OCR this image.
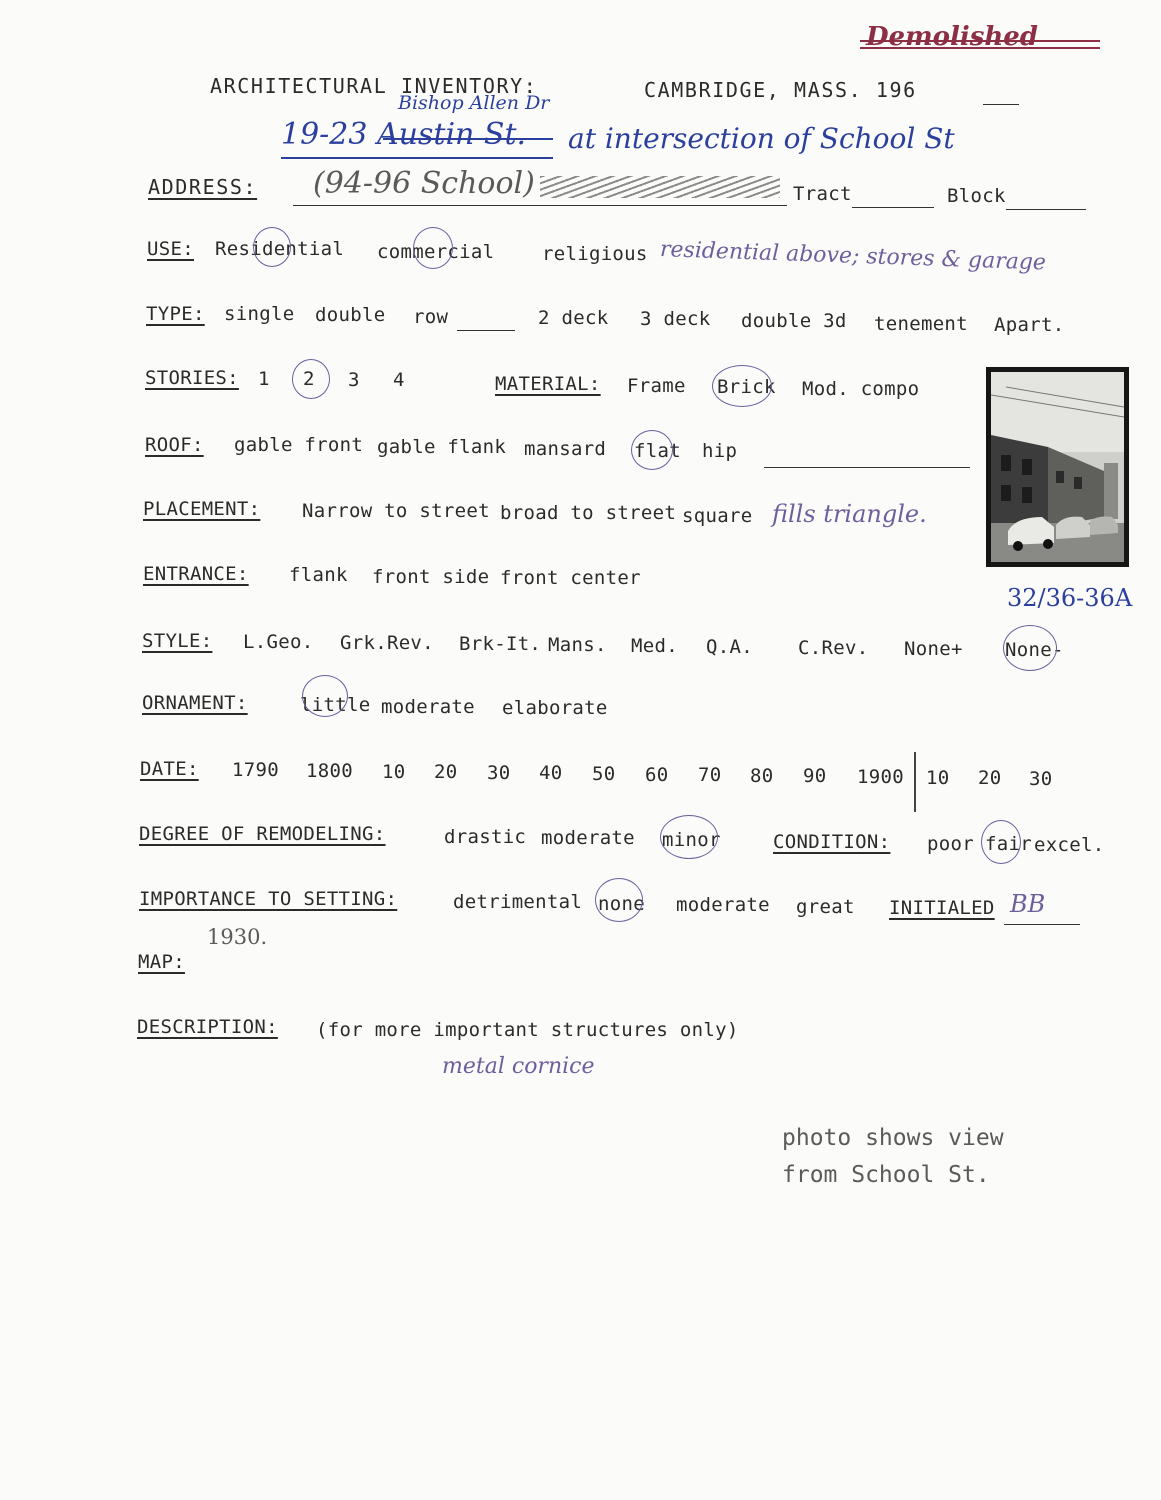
Demolished
ARCHITECTURAL INVENTORY:	CAMBRIDGE, MASS. 196
Bishop Allen Dr
19-23 Austin St. at intersection of School St
ADDRESS: (94-96 School)	Tract	Block
USE: Residential commercial	religious residential above; stores & garage
TYPE: single double row	2 deck 3 deck double 3d tenement Apart.
STORIES: 1 2 3 4	MATERIAL: Frame Brick Mod. compo
ROOF: gable front gable flank mansard flat hip
PLACEMENT: Narrow to street broad to street square fills triangle.
ENTRANCE: flank front side front center
32/36-36A
STYLE: L.Geo. Grk.Rev. Brk-It. Mans. Med. Q.A. C.Rev. None+ None-
ORNAMENT:	little moderate elaborate
DATE: 1790 1800 10 20 30 40 50 60 70 80 90 1900 10 20 30
DEGREE OF REMODELING:	drastic moderate minor	CONDITION: poor fair excel.
IMPORTANCE TO SETTING:	detrimental none moderate great INITIALED BB
1930.
MAP:
DESCRIPTION: (for more important structures only)
metal cornice
photo shows view
from School St.
